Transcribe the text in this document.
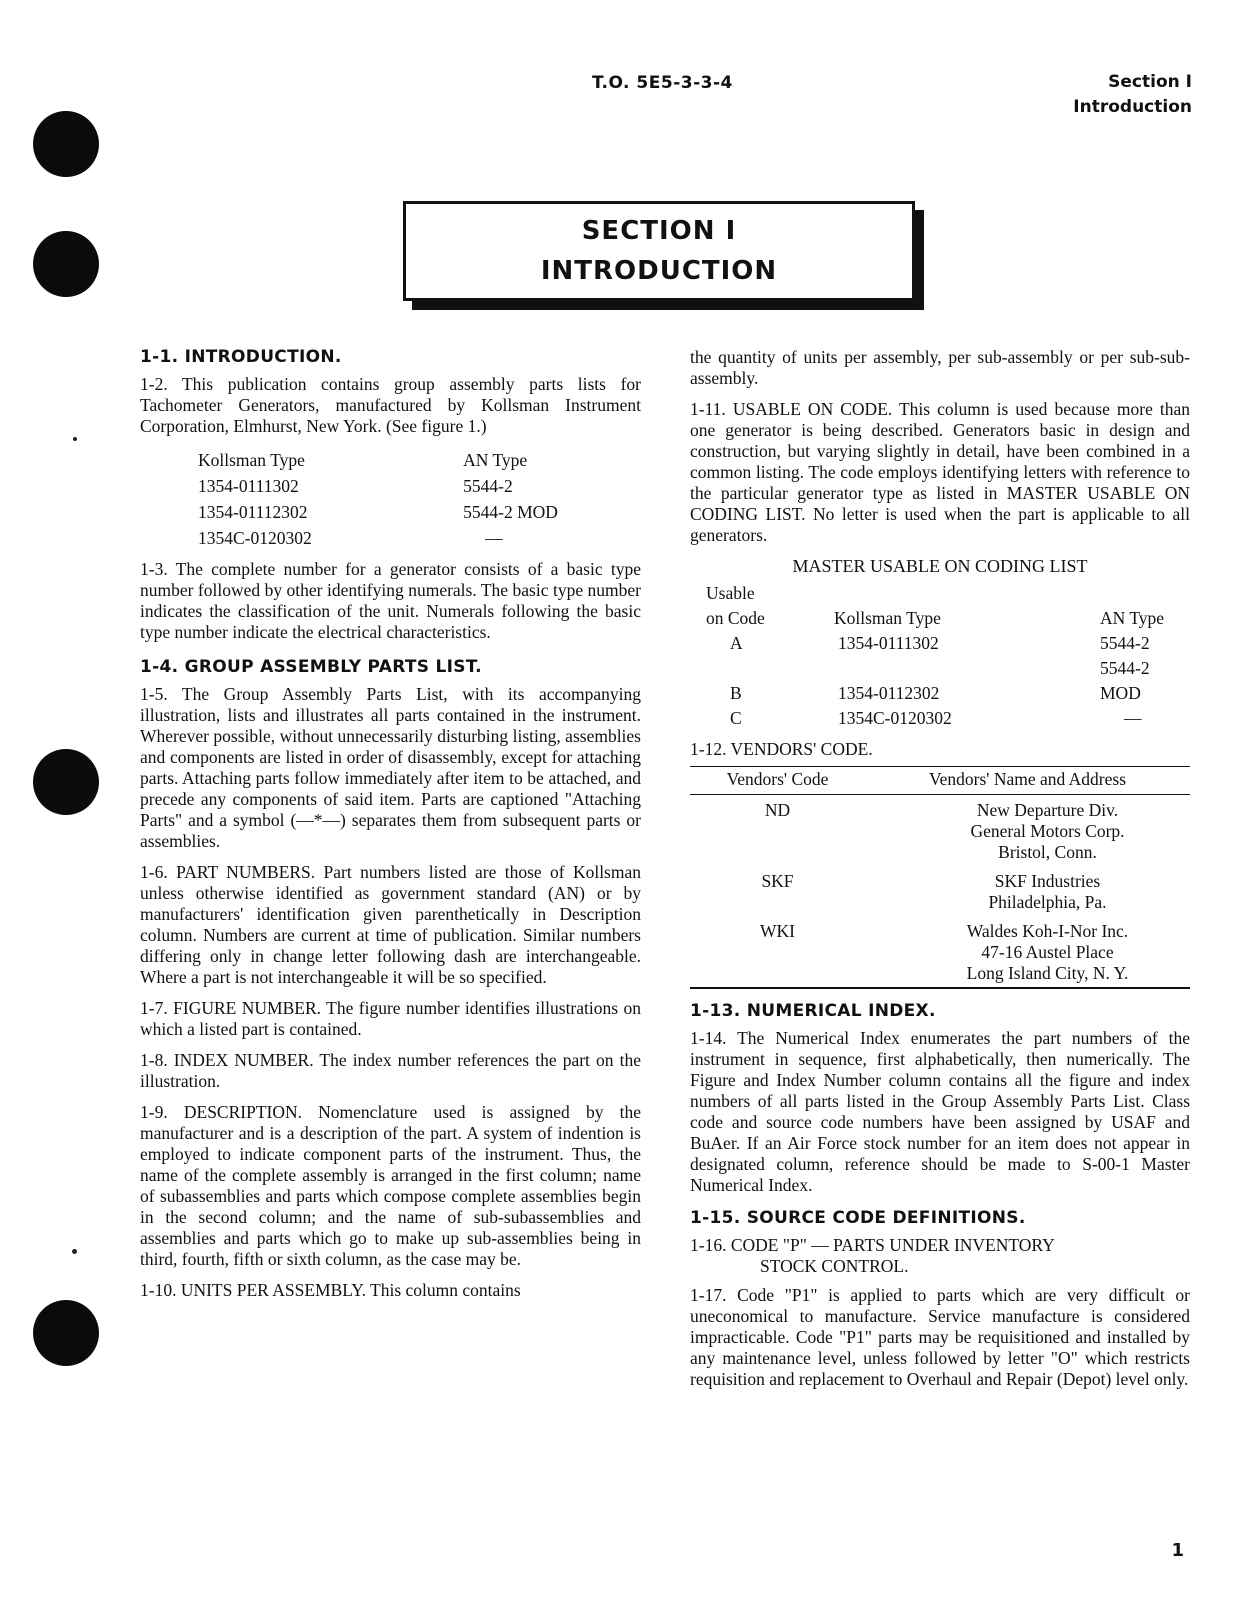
T.O. 5E5-3-3-4	Section I
Introduction
SECTION I
INTRODUCTION
1-1. INTRODUCTION.

1-2. This publication contains group assembly parts lists for Tachometer Generators, manufactured by Kollsman Instrument Corporation, Elmhurst, New York. (See figure 1.)

Kollsman Type	AN Type
1354-0111302	5544-2
1354-01112302	5544-2 MOD
1354C-0120302	—

1-3. The complete number for a generator consists of a basic type number followed by other identifying numerals. The basic type number indicates the classification of the unit. Numerals following the basic type number indicate the electrical characteristics.

1-4. GROUP ASSEMBLY PARTS LIST.

1-5. The Group Assembly Parts List, with its accompanying illustration, lists and illustrates all parts contained in the instrument. Wherever possible, without unnecessarily disturbing listing, assemblies and components are listed in order of disassembly, except for attaching parts. Attaching parts follow immediately after item to be attached, and precede any components of said item. Parts are captioned "Attaching Parts" and a symbol (—*—) separates them from subsequent parts or assemblies.

1-6. PART NUMBERS. Part numbers listed are those of Kollsman unless otherwise identified as government standard (AN) or by manufacturers' identification given parenthetically in Description column. Numbers are current at time of publication. Similar numbers differing only in change letter following dash are interchangeable. Where a part is not interchangeable it will be so specified.

1-7. FIGURE NUMBER. The figure number identifies illustrations on which a listed part is contained.

1-8. INDEX NUMBER. The index number references the part on the illustration.

1-9. DESCRIPTION. Nomenclature used is assigned by the manufacturer and is a description of the part. A system of indention is employed to indicate component parts of the instrument. Thus, the name of the complete assembly is arranged in the first column; name of subassemblies and parts which compose complete assemblies begin in the second column; and the name of sub-subassemblies and assemblies and parts which go to make up sub-assemblies being in third, fourth, fifth or sixth column, as the case may be.

1-10. UNITS PER ASSEMBLY. This column contains

the quantity of units per assembly, per sub-assembly or per sub-sub-assembly.

1-11. USABLE ON CODE. This column is used because more than one generator is being described. Generators basic in design and construction, but varying slightly in detail, have been combined in a common listing. The code employs identifying letters with reference to the particular generator type as listed in MASTER USABLE ON CODING LIST. No letter is used when the part is applicable to all generators.

MASTER USABLE ON CODING LIST
Usable
on Code	Kollsman Type	AN Type
A	1354-0111302	5544-2
B	1354-0112302	5544-2 MOD
C	1354C-0120302	—

1-12. VENDORS' CODE.

Vendors' Code	Vendors' Name and Address
ND	New Departure Div.
General Motors Corp.
Bristol, Conn.

SKF	SKF Industries
Philadelphia, Pa.

WKI	Waldes Koh-I-Nor Inc.
47-16 Austel Place
Long Island City, N. Y.
1-13. NUMERICAL INDEX.

1-14. The Numerical Index enumerates the part numbers of the instrument in sequence, first alphabetically, then numerically. The Figure and Index Number column contains all the figure and index numbers of all parts listed in the Group Assembly Parts List. Class code and source code numbers have been assigned by USAF and BuAer. If an Air Force stock number for an item does not appear in designated column, reference should be made to S-00-1 Master Numerical Index.

1-15. SOURCE CODE DEFINITIONS.
1-16. CODE "P" — PARTS UNDER INVENTORY
STOCK CONTROL.

1-17. Code "P1" is applied to parts which are very difficult or uneconomical to manufacture. Service manufacture is considered impracticable. Code "P1" parts may be requisitioned and installed by any maintenance level, unless followed by letter "O" which restricts requisition and replacement to Overhaul and Repair (Depot) level only.

1
